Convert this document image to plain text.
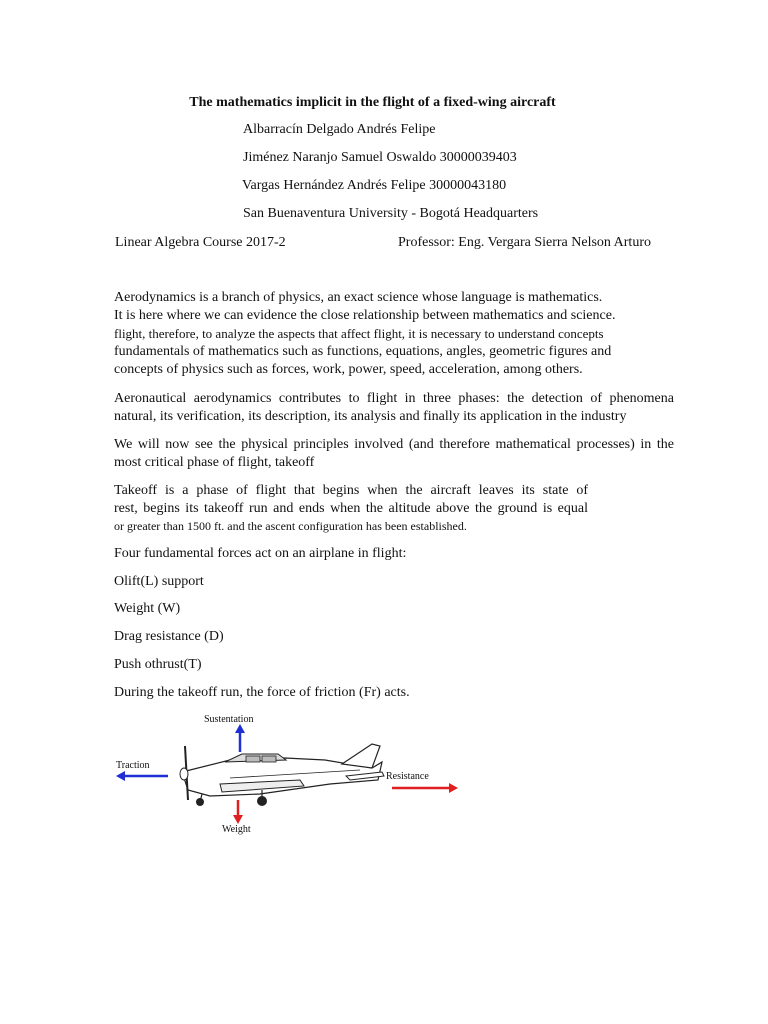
The mathematics implicit in the flight of a fixed-wing aircraft
Albarracín Delgado Andrés Felipe
Jiménez Naranjo Samuel Oswaldo 30000039403
Vargas Hernández Andrés Felipe 30000043180
San Buenaventura University - Bogotá Headquarters
Linear Algebra Course 2017-2	Professor: Eng. Vergara Sierra Nelson Arturo
Aerodynamics is a branch of physics, an exact science whose language is mathematics.
It is here where we can evidence the close relationship between mathematics and science.
flight, therefore, to analyze the aspects that affect flight, it is necessary to understand concepts
fundamentals of mathematics such as functions, equations, angles, geometric figures and
concepts of physics such as forces, work, power, speed, acceleration, among others.
Aeronautical aerodynamics contributes to flight in three phases: the detection of phenomena
natural, its verification, its description, its analysis and finally its application in the industry
We will now see the physical principles involved (and therefore mathematical processes) in the
most critical phase of flight, takeoff
Takeoff is a phase of flight that begins when the aircraft leaves its state of
rest, begins its takeoff run and ends when the altitude above the ground is equal
or greater than 1500 ft. and the ascent configuration has been established.
Four fundamental forces act on an airplane in flight:
Olift(L) support
Weight (W)
Drag resistance (D)
Push othrust(T)
During the takeoff run, the force of friction (Fr) acts.
Sustentation
Traction
Resistance
Weight
